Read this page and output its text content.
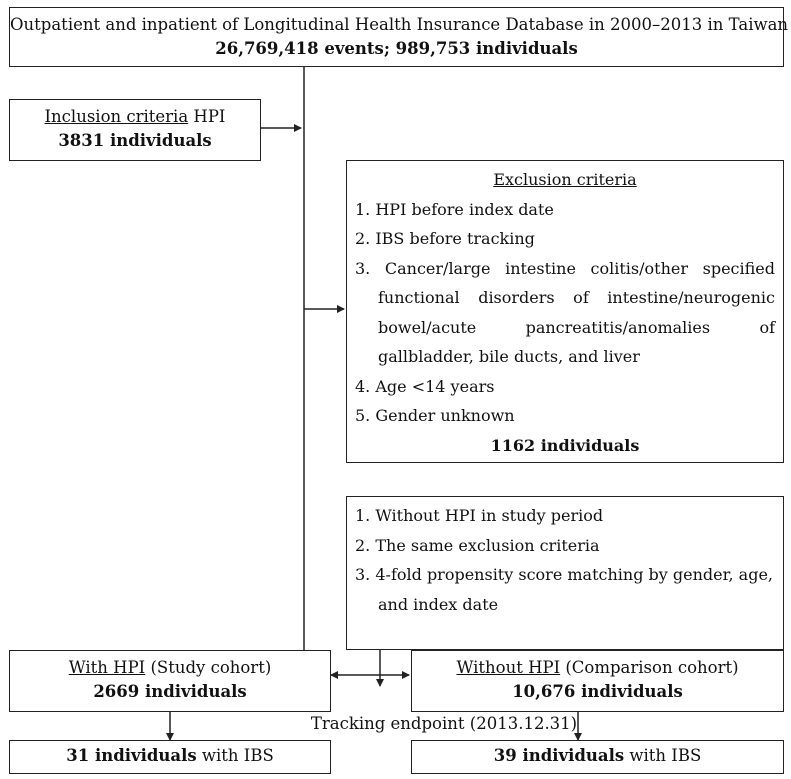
Outpatient and inpatient of Longitudinal Health Insurance Database in 2000–2013 in Taiwan
26,769,418 events; 989,753 individuals
Inclusion criteria HPI
3831 individuals
Exclusion criteria
1. HPI before index date
2. IBS before tracking
3. Cancer/large intestine colitis/other specified functional disorders of intestine/neurogenic bowel/acute pancreatitis/anomalies of gallbladder, bile ducts, and liver
4. Age <14 years
5. Gender unknown
1162 individuals
1. Without HPI in study period
2. The same exclusion criteria
3. 4-fold propensity score matching by gender, age, and index date
With HPI (Study cohort)
2669 individuals
Without HPI (Comparison cohort)
10,676 individuals
Tracking endpoint (2013.12.31)
31 individuals with IBS	39 individuals with IBS
